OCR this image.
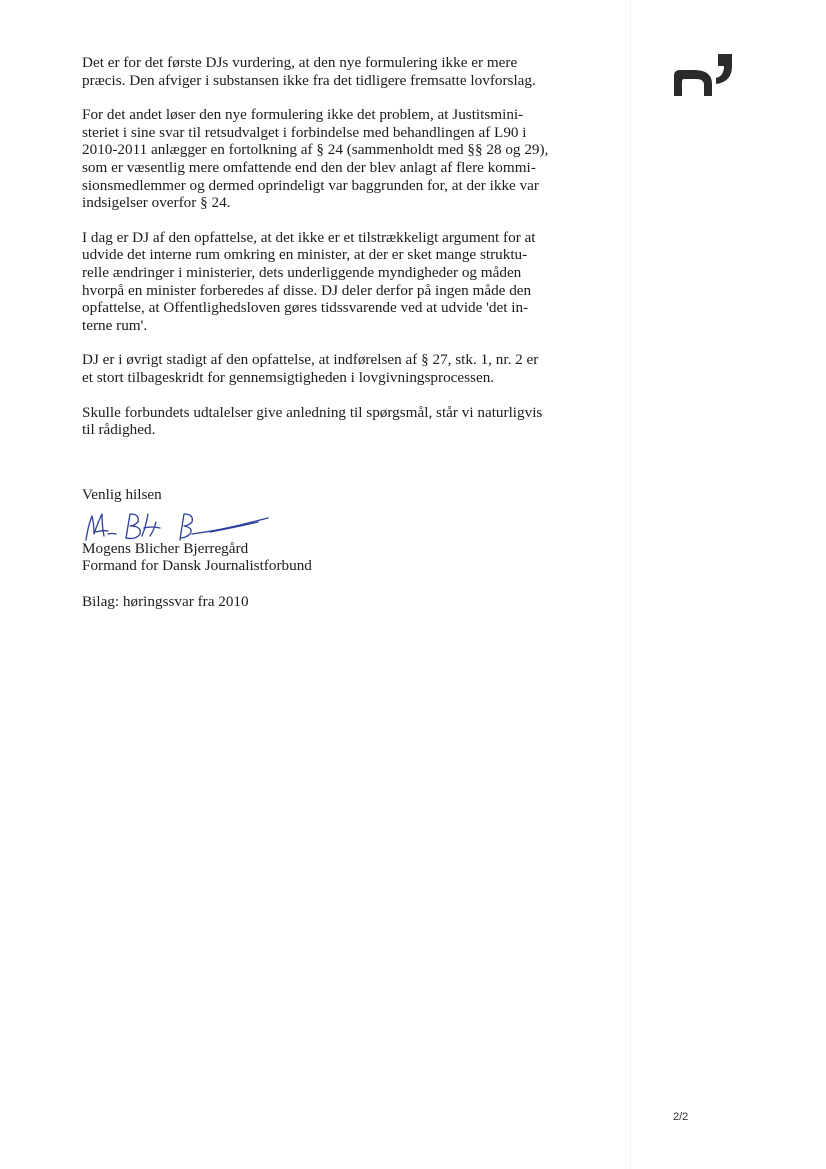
Det er for det første DJs vurdering, at den nye formulering ikke er mere
præcis. Den afviger i substansen ikke fra det tidligere fremsatte lovforslag.

For det andet løser den nye formulering ikke det problem, at Justitsmini-
steriet i sine svar til retsudvalget i forbindelse med behandlingen af L90 i
2010-2011 anlægger en fortolkning af § 24 (sammenholdt med §§ 28 og 29),
som er væsentlig mere omfattende end den der blev anlagt af flere kommi-
sionsmedlemmer og dermed oprindeligt var baggrunden for, at der ikke var
indsigelser overfor § 24.

I dag er DJ af den opfattelse, at det ikke er et tilstrækkeligt argument for at
udvide det interne rum omkring en minister, at der er sket mange struktu-
relle ændringer i ministerier, dets underliggende myndigheder og måden
hvorpå en minister forberedes af disse. DJ deler derfor på ingen måde den
opfattelse, at Offentlighedsloven gøres tidssvarende ved at udvide 'det in-
terne rum'.

DJ er i øvrigt stadigt af den opfattelse, at indførelsen af § 27, stk. 1, nr. 2 er
et stort tilbageskridt for gennemsigtigheden i lovgivningsprocessen.

Skulle forbundets udtalelser give anledning til spørgsmål, står vi naturligvis
til rådighed.

Venlig hilsen

Mogens Blicher Bjerregård

Formand for Dansk Journalistforbund

Bilag: høringssvar fra 2010

2/2
